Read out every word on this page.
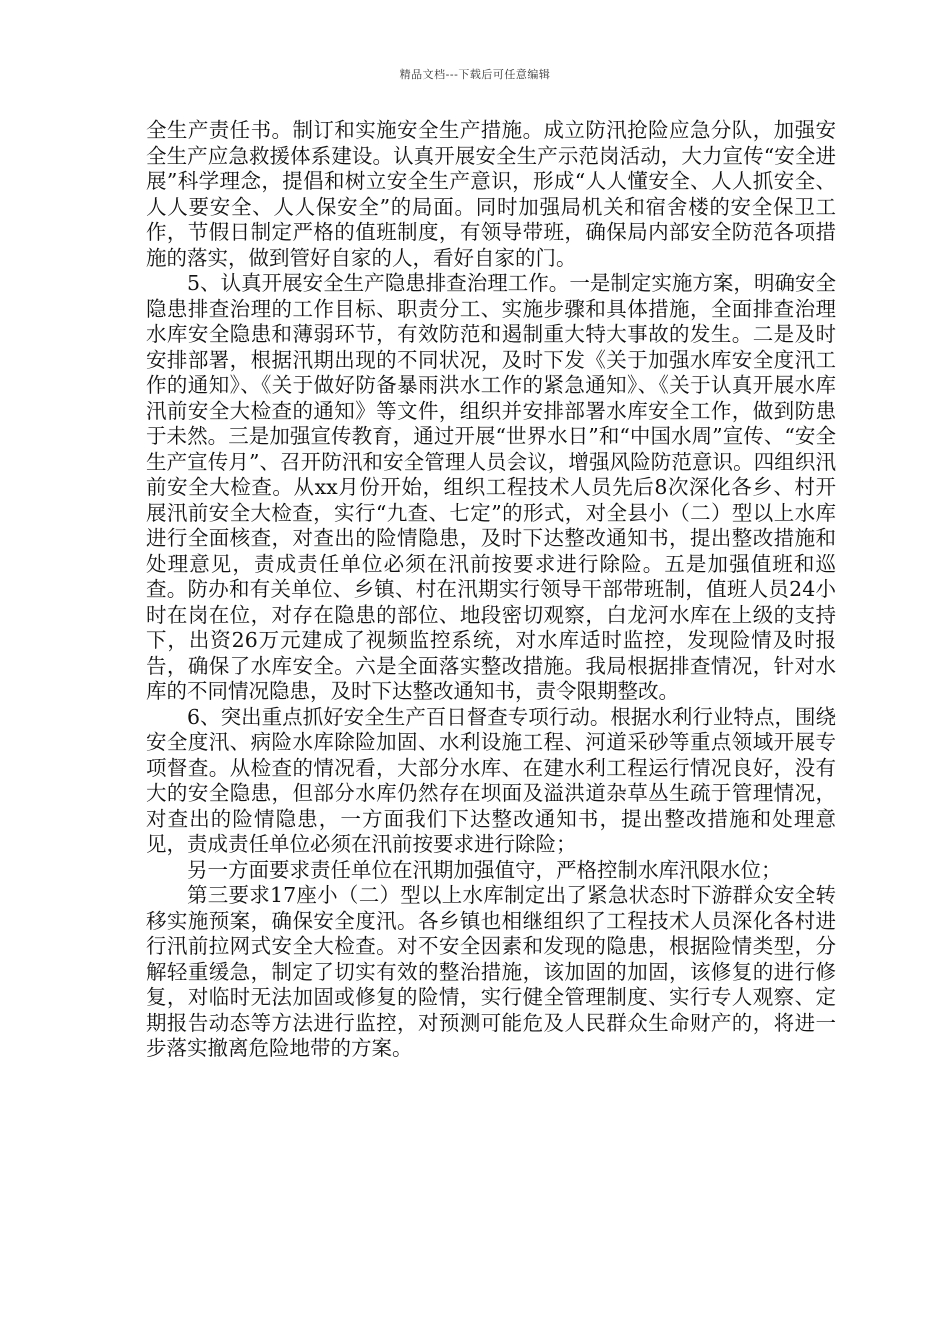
精品文档---下载后可任意编辑

全生产责任书。制订和实施安全生产措施。成立防汛抢险应急分队，加强安全生产应急救援体系建设。认真开展安全生产示范岗活动，大力宣传“安全进展”科学理念，提倡和树立安全生产意识，形成“人人懂安全、人人抓安全、人人要安全、人人保安全”的局面。同时加强局机关和宿舍楼的安全保卫工作，节假日制定严格的值班制度，有领导带班，确保局内部安全防范各项措施的落实，做到管好自家的人，看好自家的门。

5、认真开展安全生产隐患排查治理工作。一是制定实施方案，明确安全隐患排查治理的工作目标、职责分工、实施步骤和具体措施，全面排查治理水库安全隐患和薄弱环节，有效防范和遏制重大特大事故的发生。二是及时安排部署，根据汛期出现的不同状况，及时下发《关于加强水库安全度汛工作的通知》、《关于做好防备暴雨洪水工作的紧急通知》、《关于认真开展水库汛前安全大检查的通知》等文件，组织并安排部署水库安全工作，做到防患于未然。三是加强宣传教育，通过开展“世界水日”和“中国水周”宣传、“安全生产宣传月”、召开防汛和安全管理人员会议，增强风险防范意识。四组织汛前安全大检查。从xx月份开始，组织工程技术人员先后8次深化各乡、村开展汛前安全大检查，实行“九查、七定”的形式，对全县小（二）型以上水库进行全面核查，对查出的险情隐患，及时下达整改通知书，提出整改措施和处理意见，责成责任单位必须在汛前按要求进行除险。五是加强值班和巡查。防办和有关单位、乡镇、村在汛期实行领导干部带班制，值班人员24小时在岗在位，对存在隐患的部位、地段密切观察，白龙河水库在上级的支持下，出资26万元建成了视频监控系统，对水库适时监控，发现险情及时报告，确保了水库安全。六是全面落实整改措施。我局根据排查情况，针对水库的不同情况隐患，及时下达整改通知书，责令限期整改。

6、突出重点抓好安全生产百日督查专项行动。根据水利行业特点，围绕安全度汛、病险水库除险加固、水利设施工程、河道采砂等重点领域开展专项督查。从检查的情况看，大部分水库、在建水利工程运行情况良好，没有大的安全隐患，但部分水库仍然存在坝面及溢洪道杂草丛生疏于管理情况，对查出的险情隐患，一方面我们下达整改通知书，提出整改措施和处理意见，责成责任单位必须在汛前按要求进行除险；

另一方面要求责任单位在汛期加强值守，严格控制水库汛限水位；

第三要求17座小（二）型以上水库制定出了紧急状态时下游群众安全转移实施预案，确保安全度汛。各乡镇也相继组织了工程技术人员深化各村进行汛前拉网式安全大检查。对不安全因素和发现的隐患，根据险情类型，分解轻重缓急，制定了切实有效的整治措施，该加固的加固，该修复的进行修复，对临时无法加固或修复的险情，实行健全管理制度、实行专人观察、定期报告动态等方法进行监控，对预测可能危及人民群众生命财产的，将进一步落实撤离危险地带的方案。
